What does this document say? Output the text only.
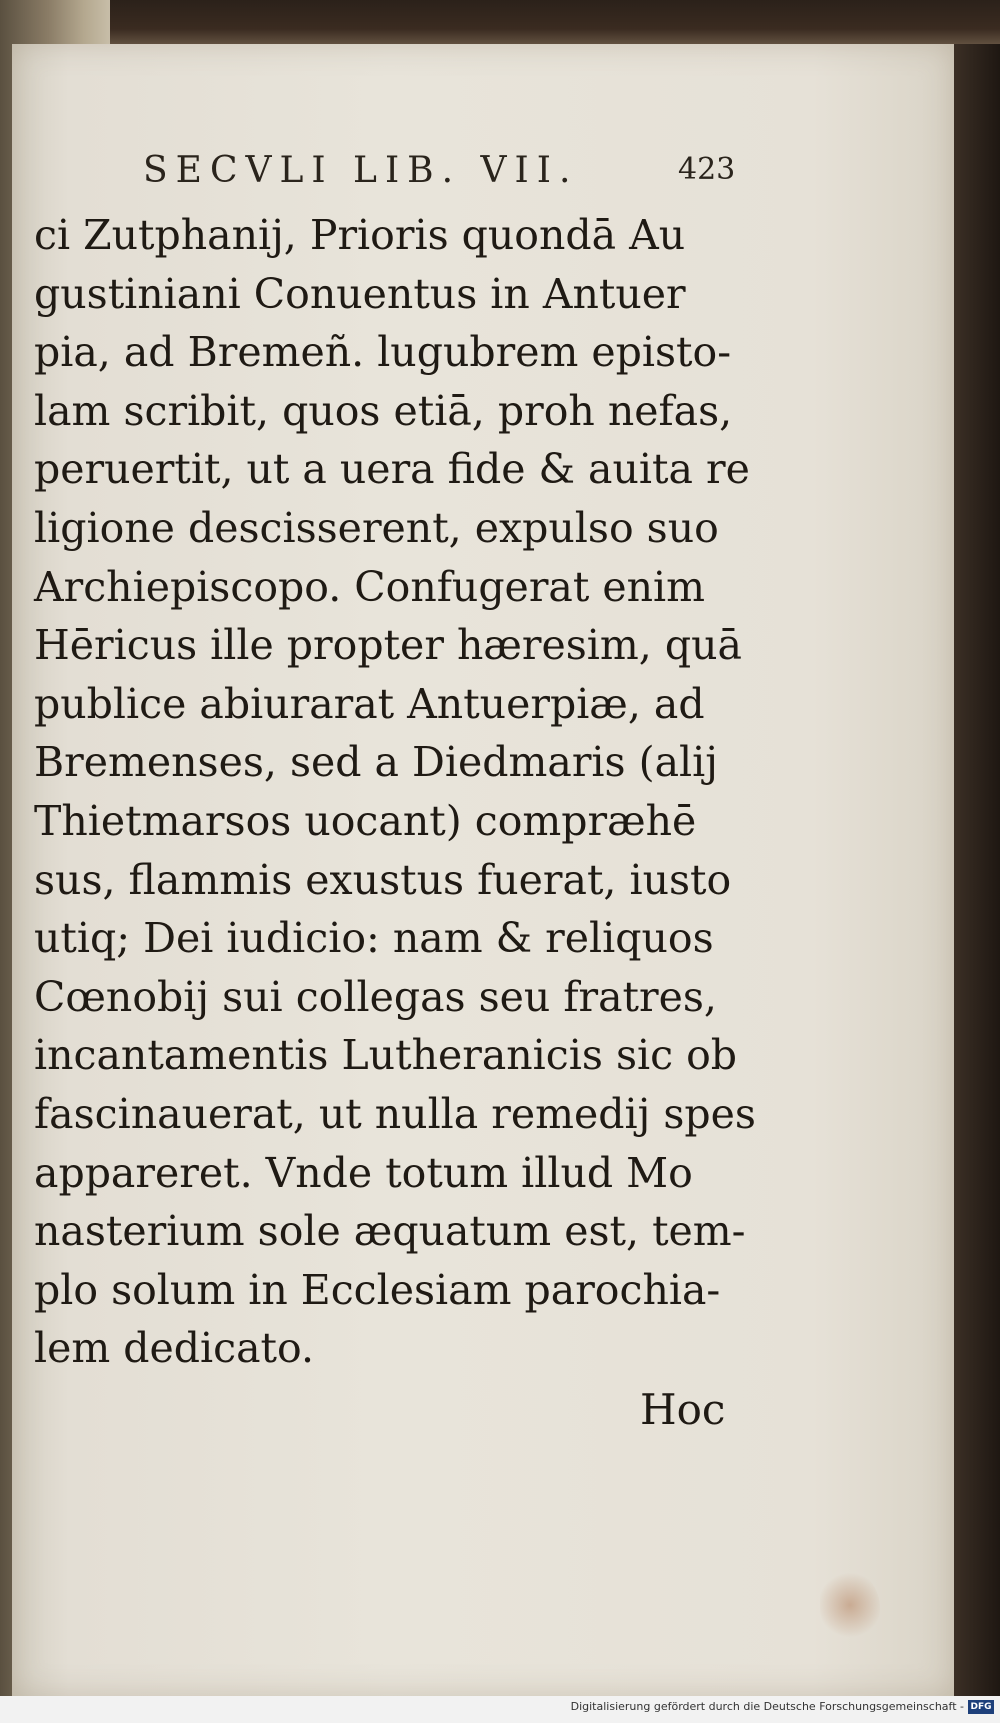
SECVLI LIB. VII.	423
ci Zutphanij, Prioris quondā Au
gustiniani Conuentus in Antuer
pia, ad Bremeñ. lugubrem episto-
lam scribit, quos etiā, proh nefas,
peruertit, ut a uera fide & auita re
ligione descisserent, expulso suo
Archiepiscopo. Confugerat enim
Hēricus ille propter hæresim, quā
publice abiurarat Antuerpiæ, ad
Bremenses, sed a Diedmaris (alij
Thietmarsos uocant) compræhē
sus, flammis exustus fuerat, iusto
utiq; Dei iudicio: nam & reliquos
Cœnobij sui collegas seu fratres,
incantamentis Lutheranicis sic ob
fascinauerat, ut nulla remedij spes
appareret. Vnde totum illud Mo
nasterium sole æquatum est, tem-
plo solum in Ecclesiam parochia-
lem dedicato.
Hoc
Digitalisierung gefördert durch die Deutsche Forschungsgemeinschaft - DFG
